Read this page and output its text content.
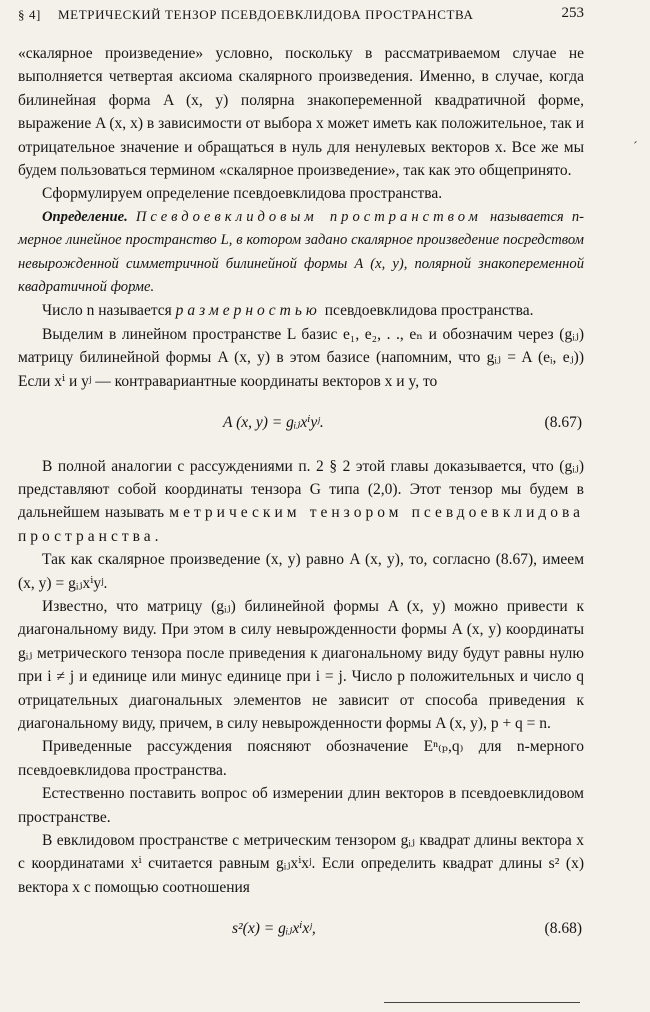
§ 4] МЕТРИЧЕСКИЙ ТЕНЗОР ПСЕВДОЕВКЛИДОВА ПРОСТРАНСТВА	253
ˊ

«скалярное произведение» условно, поскольку в рассматриваемом случае не выполняется четвертая аксиома скалярного произведения. Именно, в случае, когда билинейная форма A (x, y) полярна знакопеременной квадратичной форме, выражение A (x, x) в зависимости от выбора x может иметь как положительное, так и отрицательное значение и обращаться в нуль для ненулевых векторов x. Все же мы будем пользоваться термином «скалярное произведение», так как это общепринято.

Сформулируем определение псевдоевклидова пространства.

Определение. Псевдоевклидовым пространством называется n-мерное линейное пространство L, в котором задано скалярное произведение посредством невырожденной симметричной билинейной формы A (x, y), полярной знакопеременной квадратичной форме.

Число n называется размерностью псевдоевклидова пространства.

Выделим в линейном пространстве L базис e₁, e₂, . ., eₙ и обозначим через (gᵢⱼ) матрицу билинейной формы A (x, y) в этом базисе (напомним, что gᵢⱼ = A (eᵢ, eⱼ)) Если xⁱ и yʲ — контравариантные координаты векторов x и y, то

A (x, y) = gᵢⱼxⁱyʲ.	(8.67)

В полной аналогии с рассуждениями п. 2 § 2 этой главы доказывается, что (gᵢⱼ) представляют собой координаты тензора G типа (2,0). Этот тензор мы будем в дальнейшем называть метрическим тензором псевдоевклидова пространства.

Так как скалярное произведение (x, y) равно A (x, y), то, согласно (8.67), имеем (x, y) = gᵢⱼxⁱyʲ.

Известно, что матрицу (gᵢⱼ) билинейной формы A (x, y) можно привести к диагональному виду. При этом в силу невырожденности формы A (x, y) координаты gᵢⱼ метрического тензора после приведения к диагональному виду будут равны нулю при i ≠ j и единице или минус единице при i = j. Число p положительных и число q отрицательных диагональных элементов не зависит от способа приведения к диагональному виду, причем, в силу невырожденности формы A (x, y), p + q = n.

Приведенные рассуждения поясняют обозначение Eⁿ₍ₚ,q₎ для n-мерного псевдоевклидова пространства.

Естественно поставить вопрос об измерении длин векторов в псевдоевклидовом пространстве.

В евклидовом пространстве с метрическим тензором gᵢⱼ квадрат длины вектора x с координатами xⁱ считается равным gᵢⱼxⁱxʲ. Если определить квадрат длины s² (x) вектора x с помощью соотношения

s²(x) = gᵢⱼxⁱxʲ,	(8.68)
